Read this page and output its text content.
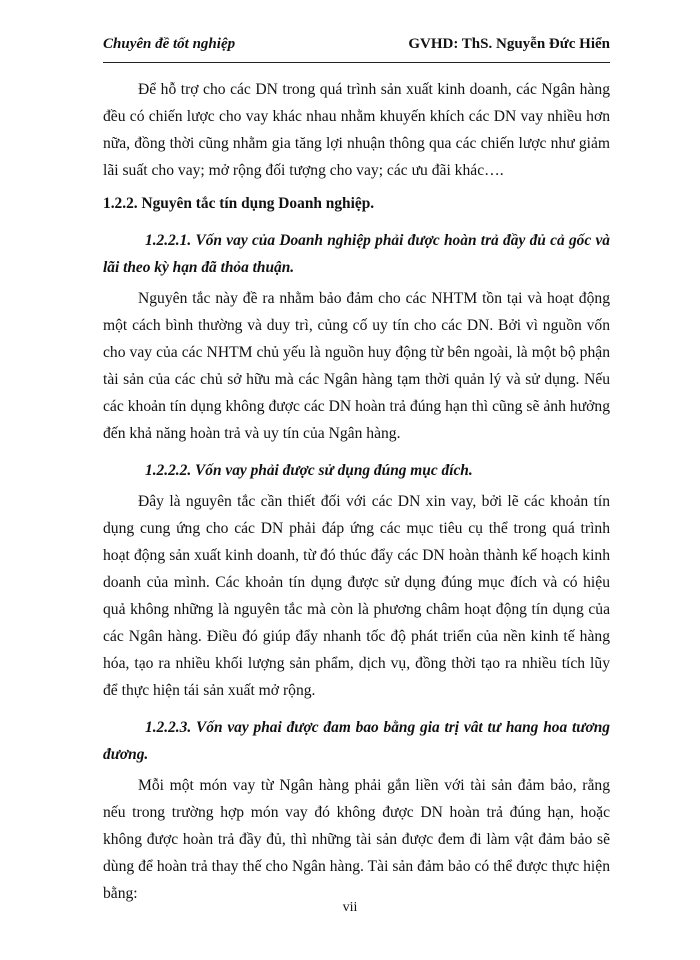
Chuyên đề tốt nghiệp	GVHD: ThS. Nguyễn Đức Hiển

Để hỗ trợ cho các DN trong quá trình sản xuất kinh doanh, các Ngân hàng đều có chiến lược cho vay khác nhau nhằm khuyến khích các DN vay nhiều hơn nữa, đồng thời cũng nhằm gia tăng lợi nhuận thông qua các chiến lược như giảm lãi suất cho vay; mở rộng đối tượng cho vay; các ưu đãi khác….

1.2.2. Nguyên tắc tín dụng Doanh nghiệp.
1.2.2.1. Vốn vay của Doanh nghiệp phải được hoàn trả đầy đủ cả gốc và lãi theo kỳ hạn đã thỏa thuận.

Nguyên tắc này đề ra nhằm bảo đảm cho các NHTM tồn tại và hoạt động một cách bình thường và duy trì, củng cố uy tín cho các DN. Bởi vì nguồn vốn cho vay của các NHTM chủ yếu là nguồn huy động từ bên ngoài, là một bộ phận tài sản của các chủ sở hữu mà các Ngân hàng tạm thời quản lý và sử dụng. Nếu các khoản tín dụng không được các DN hoàn trả đúng hạn thì cũng sẽ ảnh hưởng đến khả năng hoàn trả và uy tín của Ngân hàng.

1.2.2.2. Vốn vay phải được sử dụng đúng mục đích.

Đây là nguyên tắc cần thiết đối với các DN xin vay, bởi lẽ các khoản tín dụng cung ứng cho các DN phải đáp ứng các mục tiêu cụ thể trong quá trình hoạt động sản xuất kinh doanh, từ đó thúc đẩy các DN hoàn thành kế hoạch kinh doanh của mình. Các khoản tín dụng được sử dụng đúng mục đích và có hiệu quả không những là nguyên tắc mà còn là phương châm hoạt động tín dụng của các Ngân hàng. Điều đó giúp đẩy nhanh tốc độ phát triển của nền kinh tế hàng hóa, tạo ra nhiều khối lượng sản phẩm, dịch vụ, đồng thời tạo ra nhiều tích lũy để thực hiện tái sản xuất mở rộng.

1.2.2.3. Vốn vay phai được đam bao bằng gia trị vât tư hang hoa tương đương.

Mỗi một món vay từ Ngân hàng phải gắn liền với tài sản đảm bảo, rằng nếu trong trường hợp món vay đó không được DN hoàn trả đúng hạn, hoặc không được hoàn trả đầy đủ, thì những tài sản được đem đi làm vật đảm bảo sẽ dùng để hoàn trả thay thế cho Ngân hàng. Tài sản đảm bảo có thể được thực hiện bằng:

vii
